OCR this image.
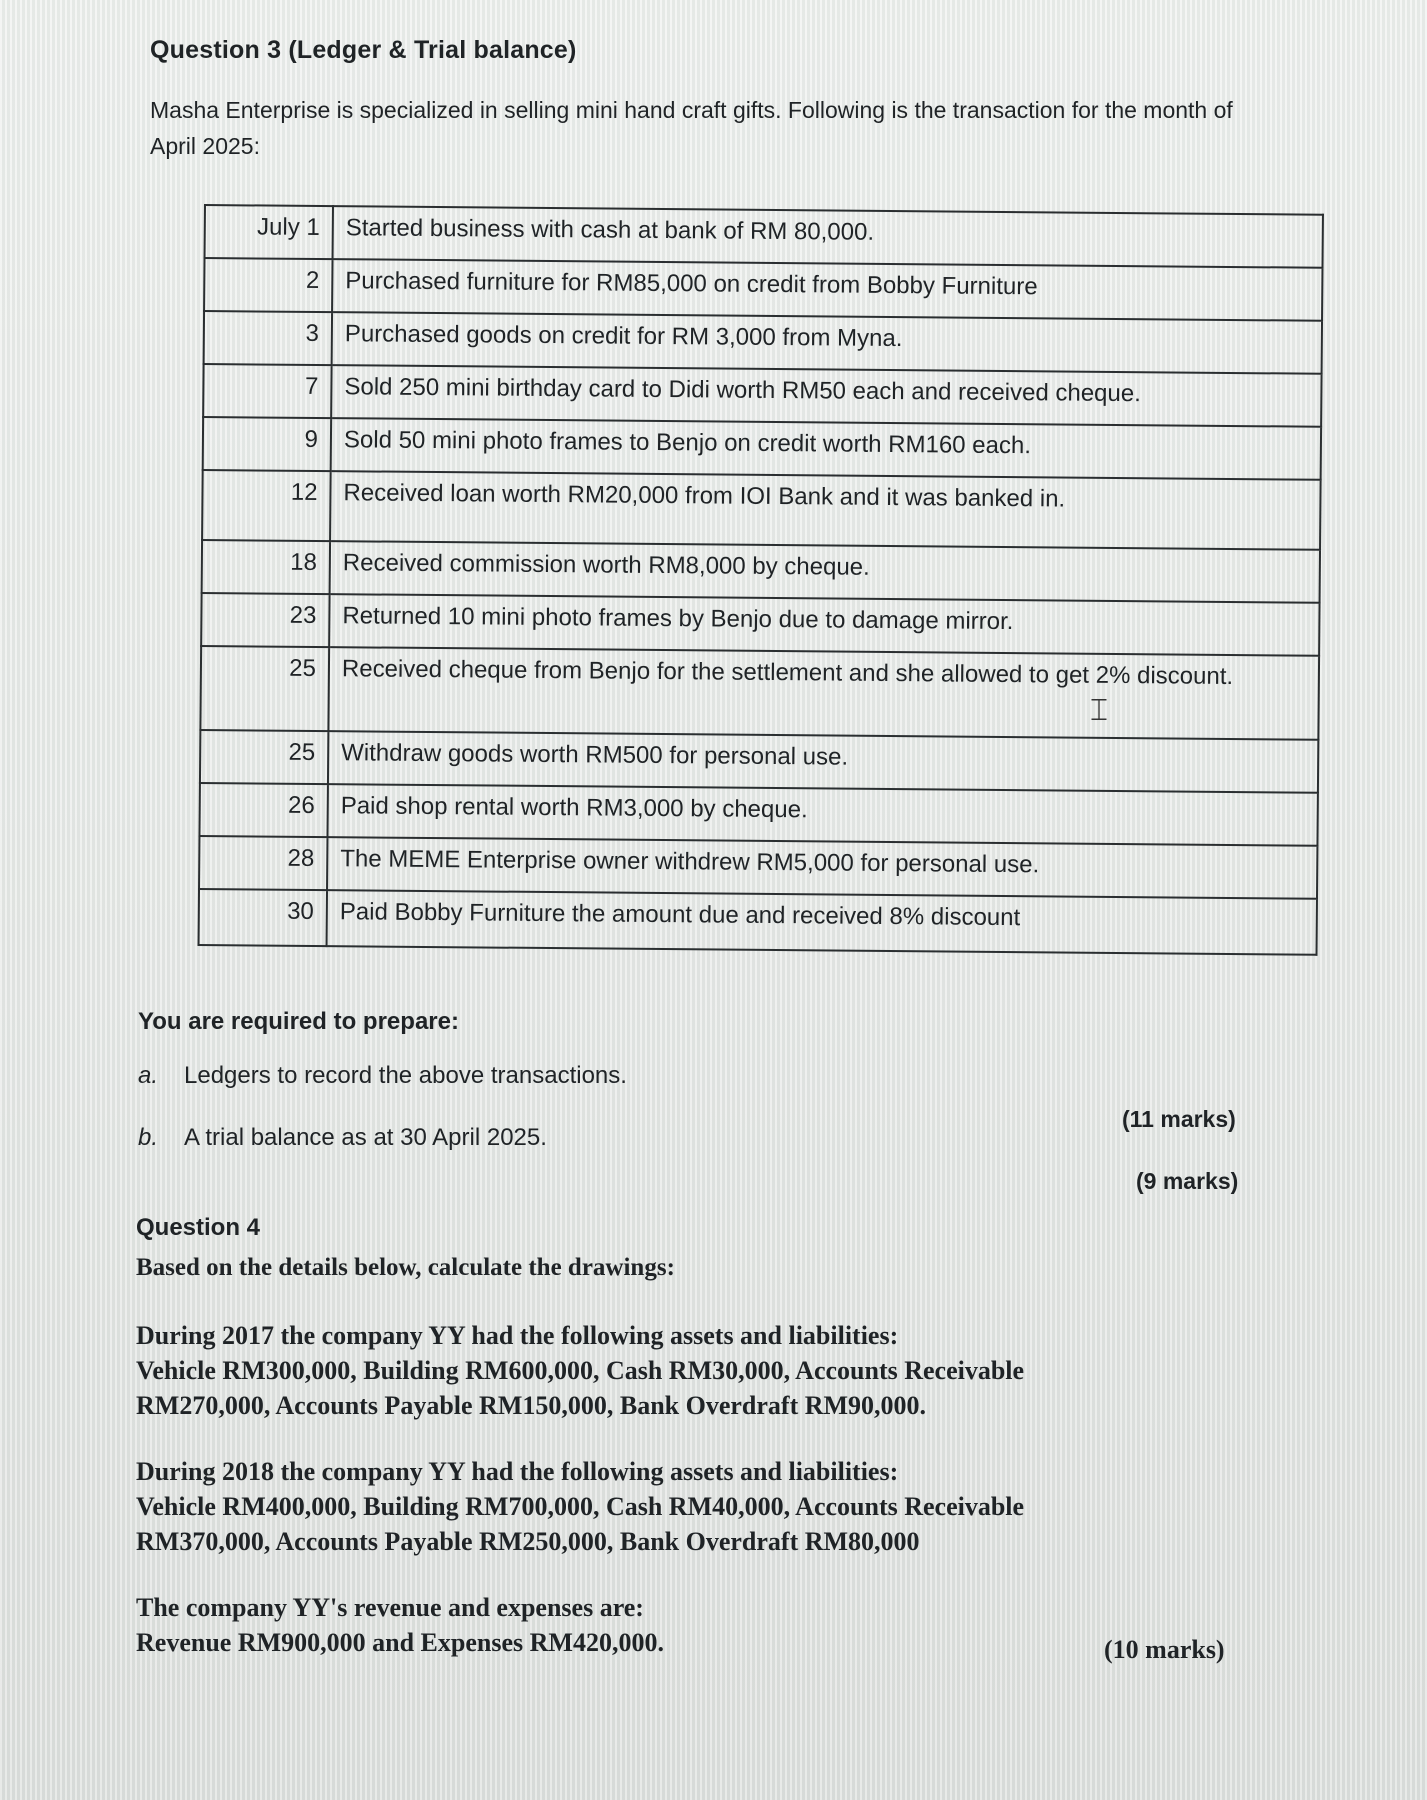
Question 3 (Ledger & Trial balance)
Masha Enterprise is specialized in selling mini hand craft gifts. Following is the transaction for the month of April 2025:
July 1	Started business with cash at bank of RM 80,000.
2	Purchased furniture for RM85,000 on credit from Bobby Furniture
3	Purchased goods on credit for RM 3,000 from Myna.
7	Sold 250 mini birthday card to Didi worth RM50 each and received cheque.
9	Sold 50 mini photo frames to Benjo on credit worth RM160 each.
12	Received loan worth RM20,000 from IOI Bank and it was banked in.
18	Received commission worth RM8,000 by cheque.
23	Returned 10 mini photo frames by Benjo due to damage mirror.
25	Received cheque from Benjo for the settlement and she allowed to get 2% discount.
25	Withdraw goods worth RM500 for personal use.
26	Paid shop rental worth RM3,000 by cheque.
28	The MEME Enterprise owner withdrew RM5,000 for personal use.
30	Paid Bobby Furniture the amount due and received 8% discount
⌶
You are required to prepare:
a. Ledgers to record the above transactions.
(11 marks)
b. A trial balance as at 30 April 2025.
(9 marks)
Question 4
Based on the details below, calculate the drawings:
During 2017 the company YY had the following assets and liabilities:
Vehicle RM300,000, Building RM600,000, Cash RM30,000, Accounts Receivable
RM270,000, Accounts Payable RM150,000, Bank Overdraft RM90,000.
During 2018 the company YY had the following assets and liabilities:
Vehicle RM400,000, Building RM700,000, Cash RM40,000, Accounts Receivable
RM370,000, Accounts Payable RM250,000, Bank Overdraft RM80,000
The company YY's revenue and expenses are:
Revenue RM900,000 and Expenses RM420,000.	(10 marks)
